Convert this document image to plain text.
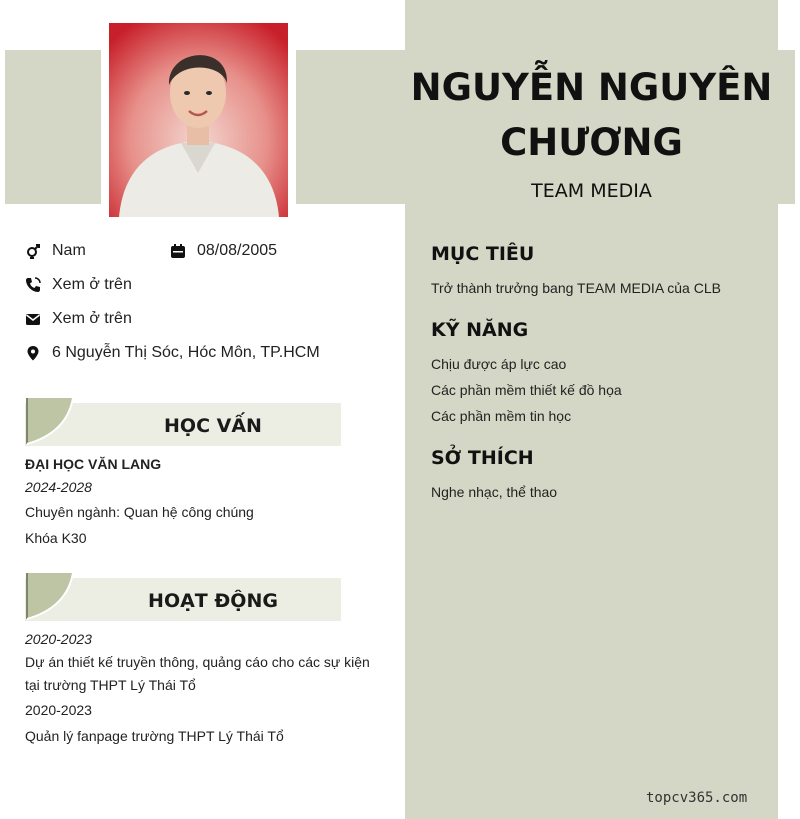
NGUYỄN NGUYÊN
CHƯƠNG
TEAM MEDIA
Nam	08/08/2005
Xem ở trên
Xem ở trên
6 Nguyễn Thị Sóc, Hóc Môn, TP.HCM
HỌC VẤN
ĐẠI HỌC VĂN LANG
2024-2028
Chuyên ngành: Quan hệ công chúng
Khóa K30
HOẠT ĐỘNG
2020-2023
Dự án thiết kế truyền thông, quảng cáo cho các sự kiện
tại trường THPT Lý Thái Tổ
2020-2023
Quản lý fanpage trường THPT Lý Thái Tổ
MỤC TIÊU
Trở thành trưởng bang TEAM MEDIA của CLB
KỸ NĂNG
Chịu được áp lực cao
Các phần mềm thiết kế đồ họa
Các phần mềm tin học
SỞ THÍCH
Nghe nhạc, thể thao
topcv365.com
